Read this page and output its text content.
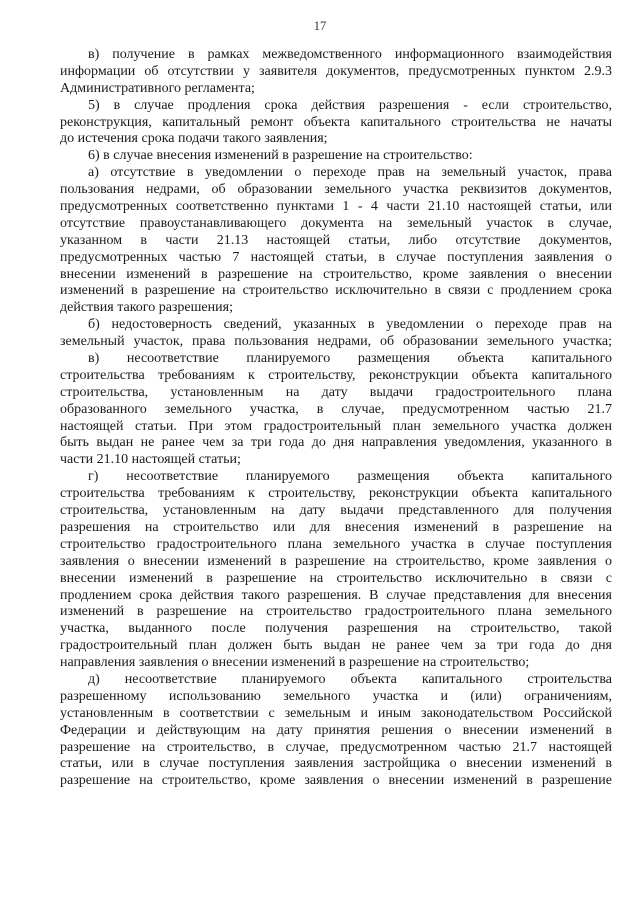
17
в) получение в рамках межведомственного информационного взаимодействия
информации об отсутствии у заявителя документов, предусмотренных пунктом 2.9.3
Административного регламента;
5) в случае продления срока действия разрешения - если строительство,
реконструкция, капитальный ремонт объекта капитального строительства не начаты
до истечения срока подачи такого заявления;
6) в случае внесения изменений в разрешение на строительство:
а) отсутствие в уведомлении о переходе прав на земельный участок, права
пользования недрами, об образовании земельного участка реквизитов документов,
предусмотренных соответственно пунктами 1 - 4 части 21.10 настоящей статьи, или
отсутствие правоустанавливающего документа на земельный участок в случае,
указанном в части 21.13 настоящей статьи, либо отсутствие документов,
предусмотренных частью 7 настоящей статьи, в случае поступления заявления о
внесении изменений в разрешение на строительство, кроме заявления о внесении
изменений в разрешение на строительство исключительно в связи с продлением срока
действия такого разрешения;
б) недостоверность сведений, указанных в уведомлении о переходе прав на
земельный участок, права пользования недрами, об образовании земельного участка;
в) несоответствие планируемого размещения объекта капитального
строительства требованиям к строительству, реконструкции объекта капитального
строительства, установленным на дату выдачи градостроительного плана
образованного земельного участка, в случае, предусмотренном частью 21.7
настоящей статьи. При этом градостроительный план земельного участка должен
быть выдан не ранее чем за три года до дня направления уведомления, указанного в
части 21.10 настоящей статьи;
г) несоответствие планируемого размещения объекта капитального
строительства требованиям к строительству, реконструкции объекта капитального
строительства, установленным на дату выдачи представленного для получения
разрешения на строительство или для внесения изменений в разрешение на
строительство градостроительного плана земельного участка в случае поступления
заявления о внесении изменений в разрешение на строительство, кроме заявления о
внесении изменений в разрешение на строительство исключительно в связи с
продлением срока действия такого разрешения. В случае представления для внесения
изменений в разрешение на строительство градостроительного плана земельного
участка, выданного после получения разрешения на строительство, такой
градостроительный план должен быть выдан не ранее чем за три года до дня
направления заявления о внесении изменений в разрешение на строительство;
д) несоответствие планируемого объекта капитального строительства
разрешенному использованию земельного участка и (или) ограничениям,
установленным в соответствии с земельным и иным законодательством Российской
Федерации и действующим на дату принятия решения о внесении изменений в
разрешение на строительство, в случае, предусмотренном частью 21.7 настоящей
статьи, или в случае поступления заявления застройщика о внесении изменений в
разрешение на строительство, кроме заявления о внесении изменений в разрешение
